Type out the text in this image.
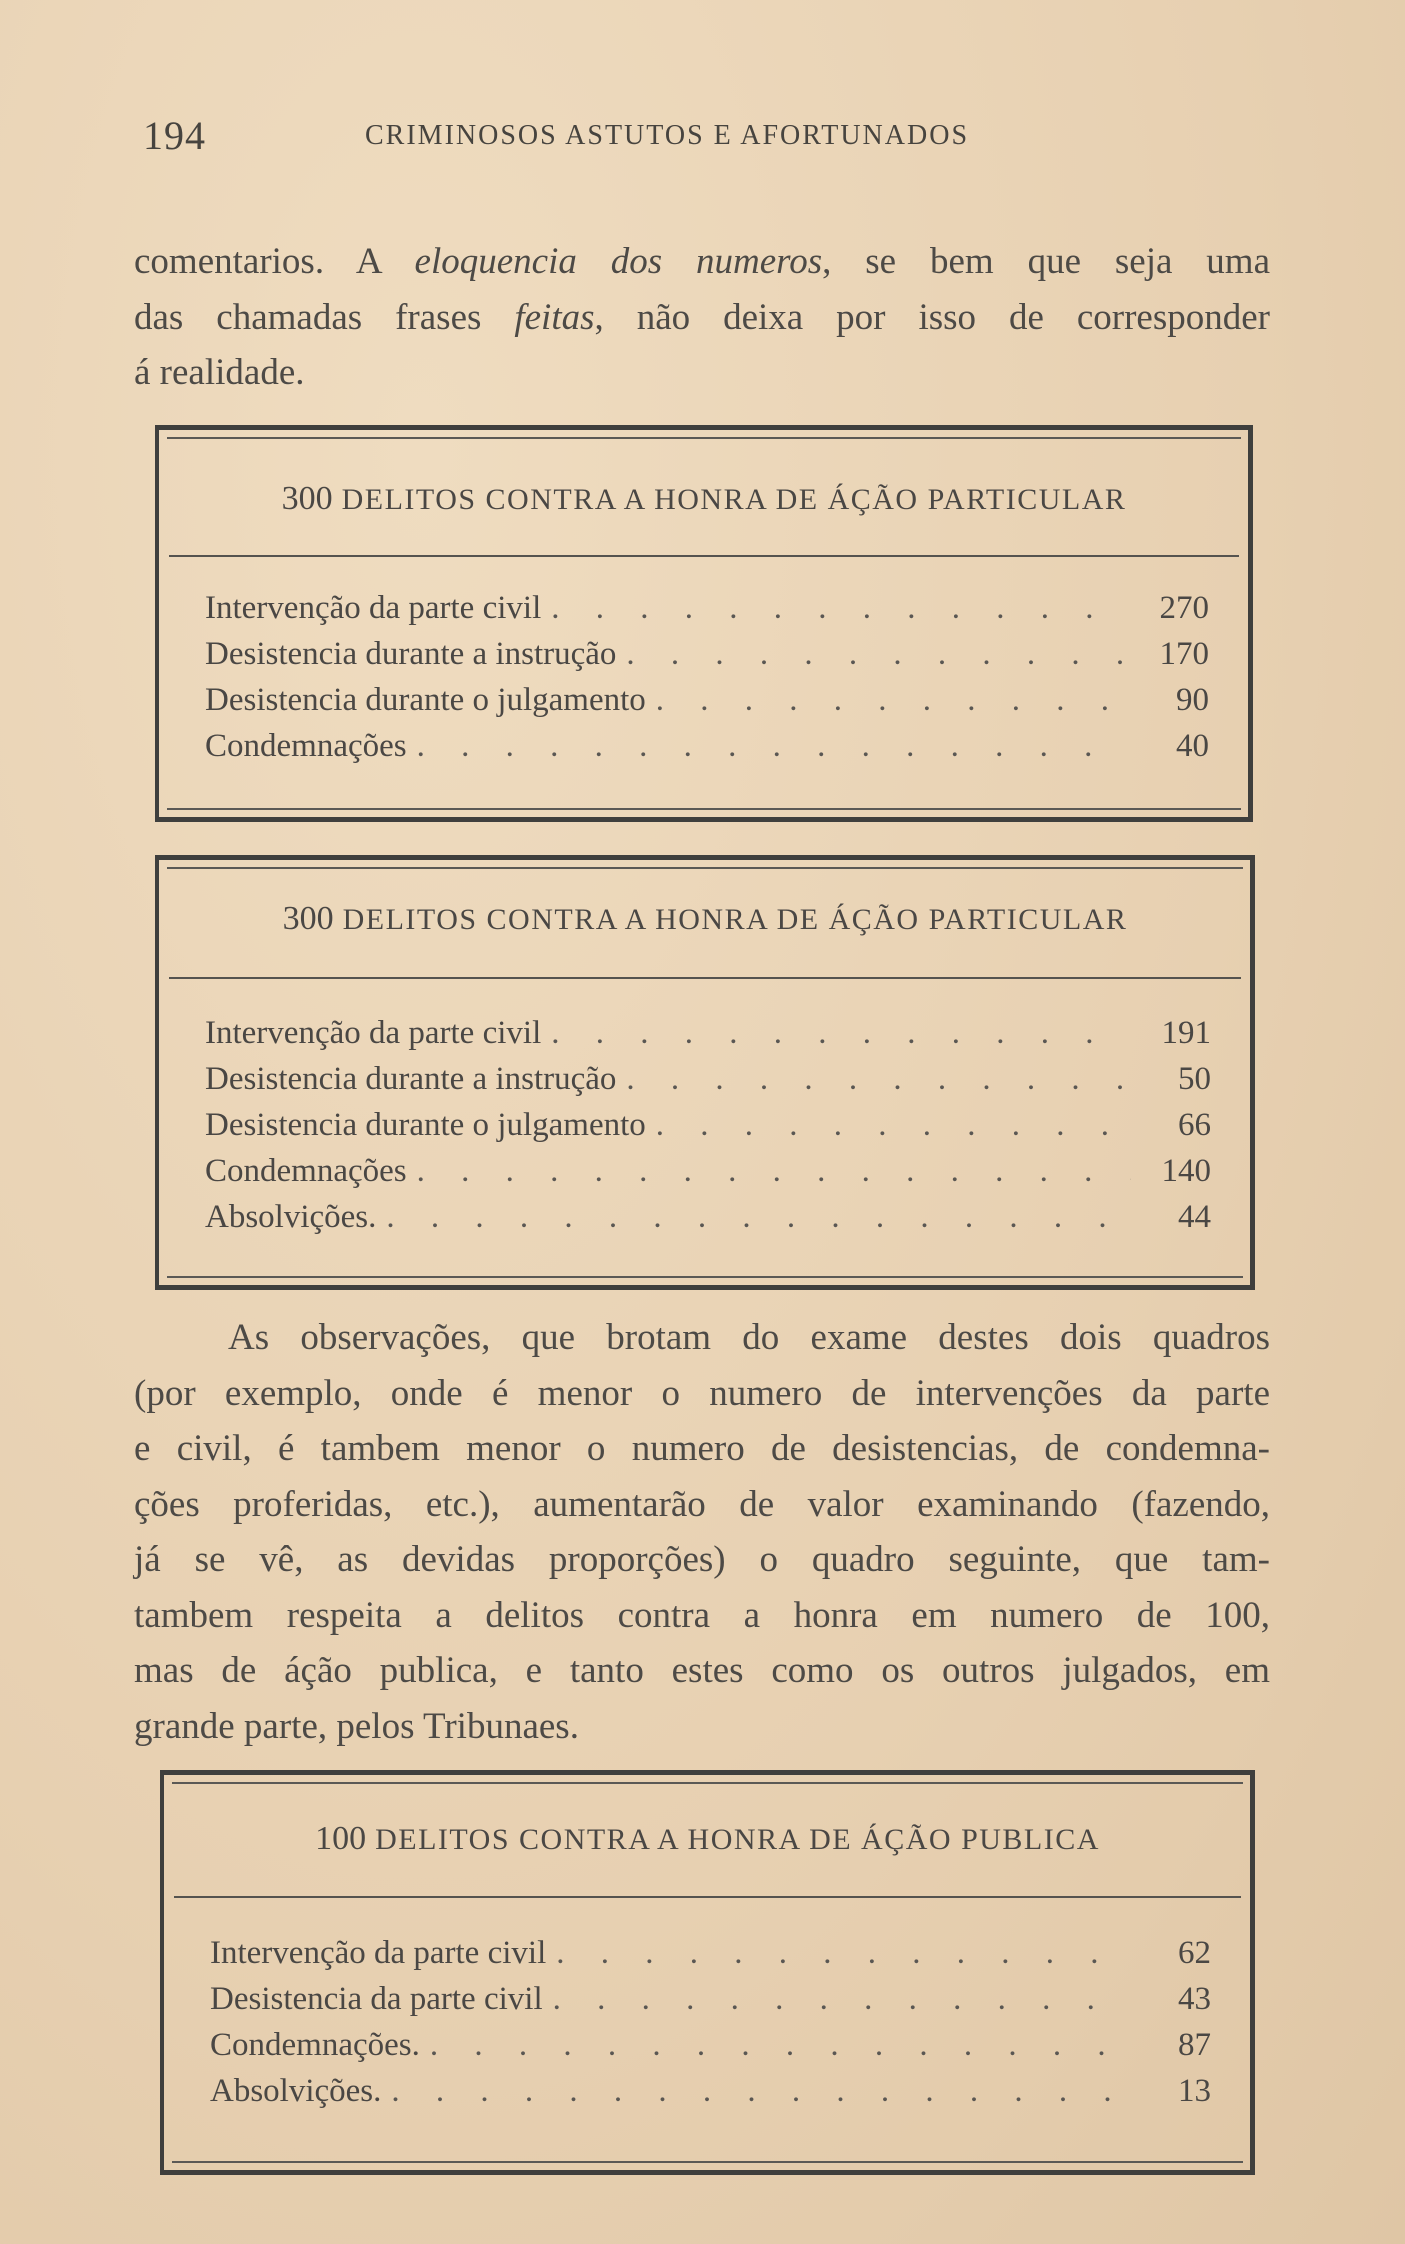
194	CRIMINOSOS ASTUTOS E AFORTUNADOS
comentarios. A eloquencia dos numeros, se bem que seja uma
das chamadas frases feitas, não deixa por isso de corresponder
á realidade.
300 DELITOS CONTRA A HONRA DE ÁÇÃO PARTICULAR
Intervenção da parte civil . . .	270
Desistencia durante a instrução . . .	170
Desistencia durante o julgamento . . .	90
Condemnações . . .	40
300 DELITOS CONTRA A HONRA DE ÁÇÃO PARTICULAR
Intervenção da parte civil . . .	191
Desistencia durante a instrução . . .	50
Desistencia durante o julgamento . . .	66
Condemnações . . .	140
Absolvições. . . .	44
As observações, que brotam do exame destes dois quadros
(por exemplo, onde é menor o numero de intervenções da parte
e civil, é tambem menor o numero de desistencias, de condemna-
ções proferidas, etc.), aumentarão de valor examinando (fazendo,
já se vê, as devidas proporções) o quadro seguinte, que tam-
tambem respeita a delitos contra a honra em numero de 100,
mas de áção publica, e tanto estes como os outros julgados, em
grande parte, pelos Tribunaes.
100 DELITOS CONTRA A HONRA DE ÁÇÃO PUBLICA
Intervenção da parte civil . . .	62
Desistencia da parte civil . . .	43
Condemnações. . . .	87
Absolvições. . . .	13
